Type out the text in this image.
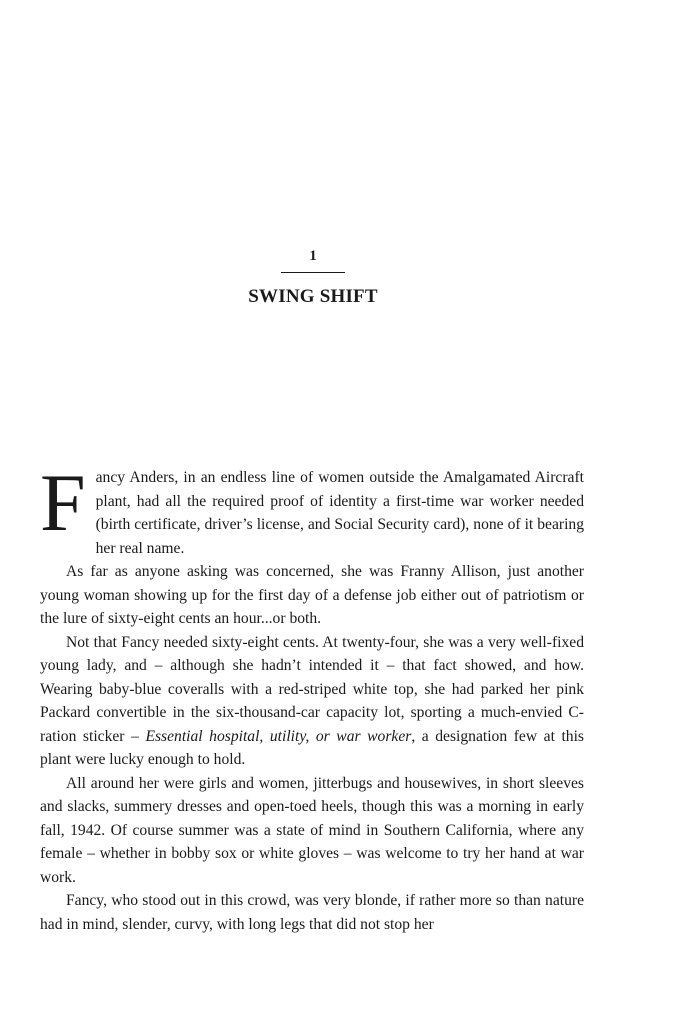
1
SWING SHIFT

Fancy Anders, in an endless line of women outside the Amalgamated Aircraft plant, had all the required proof of identity a first-time war worker needed (birth certificate, driver’s license, and Social Security card), none of it bearing her real name.

As far as anyone asking was concerned, she was Franny Allison, just another young woman showing up for the first day of a defense job either out of patriotism or the lure of sixty-eight cents an hour...or both.

Not that Fancy needed sixty-eight cents. At twenty-four, she was a very well-fixed young lady, and – although she hadn’t intended it – that fact showed, and how. Wearing baby-blue coveralls with a red-striped white top, she had parked her pink Packard convertible in the six-thousand-car capacity lot, sporting a much-envied C-ration sticker – Essential hospital, utility, or war worker, a designation few at this plant were lucky enough to hold.

All around her were girls and women, jitterbugs and housewives, in short sleeves and slacks, summery dresses and open-toed heels, though this was a morning in early fall, 1942. Of course summer was a state of mind in Southern California, where any female – whether in bobby sox or white gloves – was welcome to try her hand at war work.

Fancy, who stood out in this crowd, was very blonde, if rather more so than nature had in mind, slender, curvy, with long legs that did not stop her
